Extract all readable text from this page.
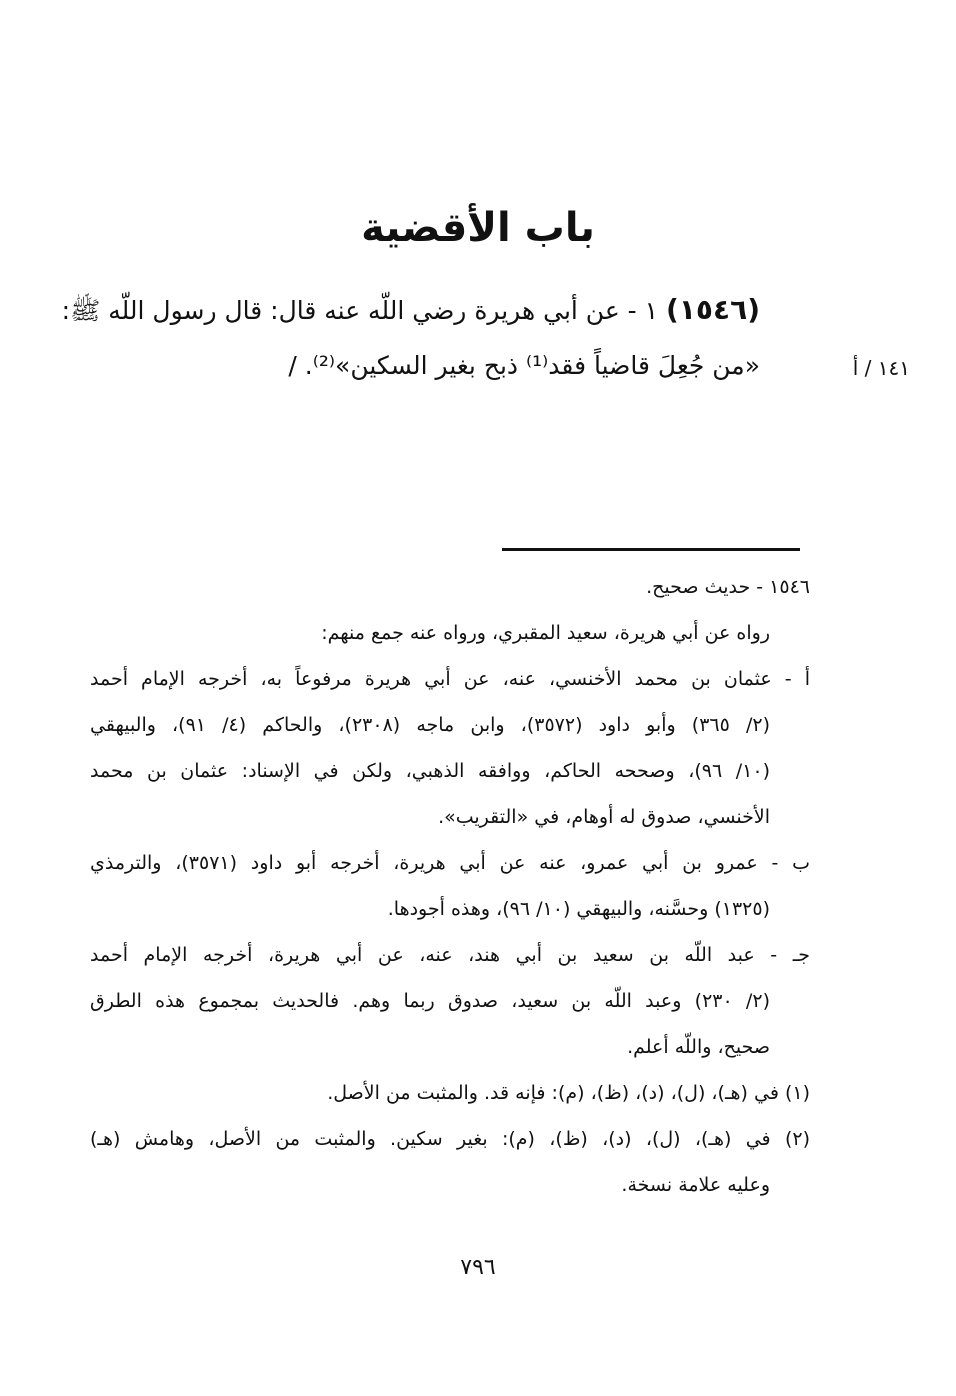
باب الأقضية
(١٥٤٦) ١ - عن أبي هريرة رضي اللّه عنه قال: قال رسول اللّه ﷺ:
«من جُعِلَ قاضياً فقد⁽¹⁾ ذبح بغير السكين»⁽²⁾. /	١٤١ / أ
١٥٤٦ - حديث صحيح.
رواه عن أبي هريرة، سعيد المقبري، ورواه عنه جمع منهم:
أ - عثمان بن محمد الأخنسي، عنه، عن أبي هريرة مرفوعاً به، أخرجه الإمام أحمد
(٢/ ٣٦٥) وأبو داود (٣٥٧٢)، وابن ماجه (٢٣٠٨)، والحاكم (٤/ ٩١)، والبيهقي
(١٠/ ٩٦)، وصححه الحاكم، ووافقه الذهبي، ولكن في الإسناد: عثمان بن محمد
الأخنسي، صدوق له أوهام، في «التقريب».
ب - عمرو بن أبي عمرو، عنه عن أبي هريرة، أخرجه أبو داود (٣٥٧١)، والترمذي
(١٣٢٥) وحسَّنه، والبيهقي (١٠/ ٩٦)، وهذه أجودها.
جـ - عبد اللّه بن سعيد بن أبي هند، عنه، عن أبي هريرة، أخرجه الإمام أحمد
(٢/ ٢٣٠) وعبد اللّه بن سعيد، صدوق ربما وهم. فالحديث بمجموع هذه الطرق
صحيح، واللّه أعلم.
(١) في (هـ)، (ل)، (د)، (ظ)، (م): فإنه قد. والمثبت من الأصل.
(٢) في (هـ)، (ل)، (د)، (ظ)، (م): بغير سكين. والمثبت من الأصل، وهامش (هـ)
وعليه علامة نسخة.
٧٩٦
